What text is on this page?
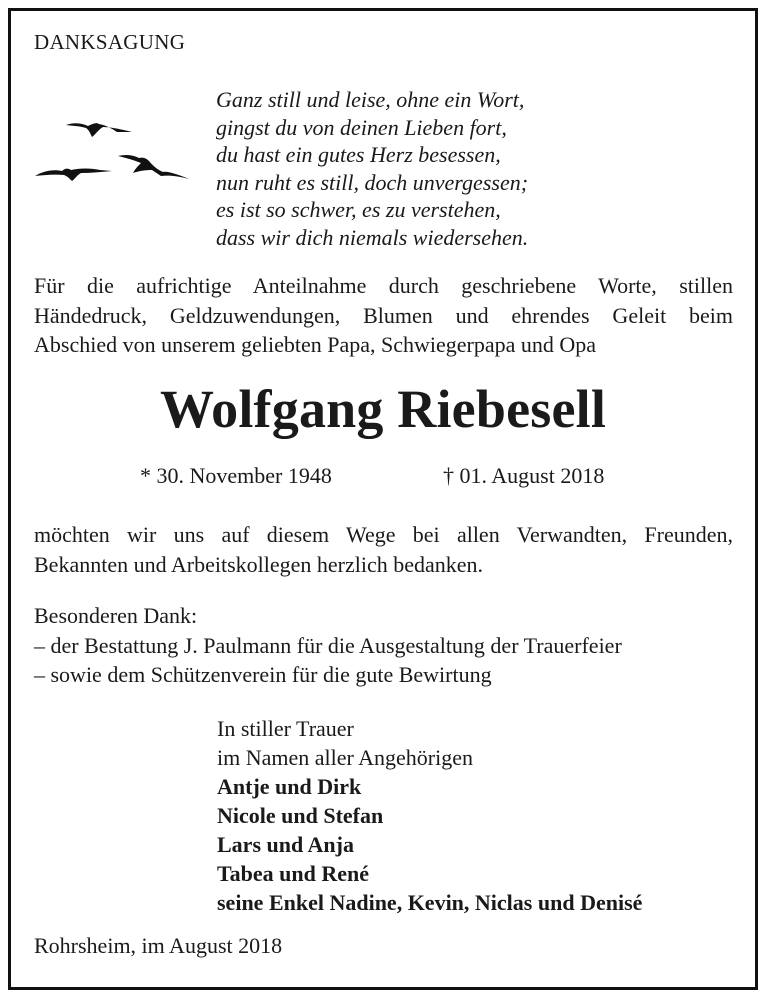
DANKSAGUNG
Ganz still und leise, ohne ein Wort,
gingst du von deinen Lieben fort,
du hast ein gutes Herz besessen,
nun ruht es still, doch unvergessen;
es ist so schwer, es zu verstehen,
dass wir dich niemals wiedersehen.
Für die aufrichtige Anteilnahme durch geschriebene Worte, stillen
Händedruck, Geldzuwendungen, Blumen und ehrendes Geleit beim
Abschied von unserem geliebten Papa, Schwiegerpapa und Opa
Wolfgang Riebesell
* 30. November 1948	† 01. August 2018
möchten wir uns auf diesem Wege bei allen Verwandten, Freunden,
Bekannten und Arbeitskollegen herzlich bedanken.
Besonderen Dank:
– der Bestattung J. Paulmann für die Ausgestaltung der Trauerfeier
– sowie dem Schützenverein für die gute Bewirtung
In stiller Trauer
im Namen aller Angehörigen
Antje und Dirk
Nicole und Stefan
Lars und Anja
Tabea und René
seine Enkel Nadine, Kevin, Niclas und Denisé
Rohrsheim, im August 2018
